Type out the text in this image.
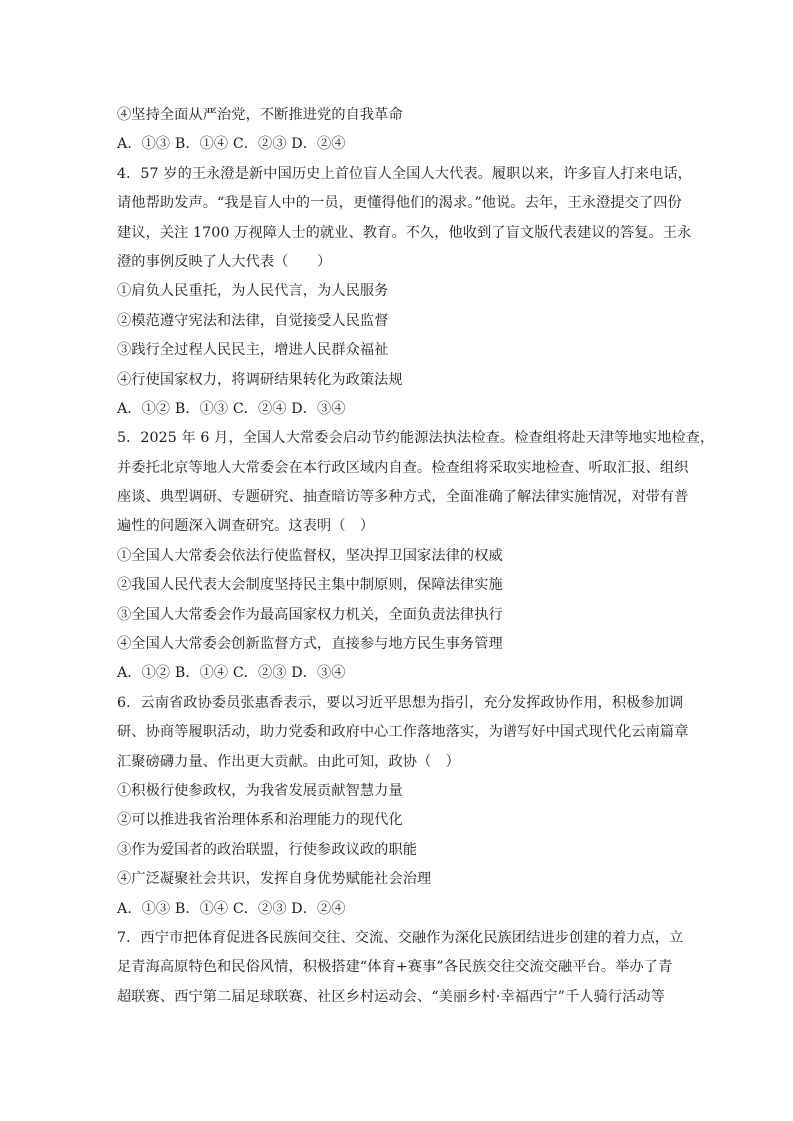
④坚持全面从严治党，不断推进党的自我革命
A．①③ B．①④ C．②③ D．②④
4．57 岁的王永澄是新中国历史上首位盲人全国人大代表。履职以来，许多盲人打来电话，
请他帮助发声。“我是盲人中的一员，更懂得他们的渴求。”他说。去年，王永澄提交了四份
建议，关注 1700 万视障人士的就业、教育。不久，他收到了盲文版代表建议的答复。王永
澄的事例反映了人大代表（　　）
①肩负人民重托，为人民代言，为人民服务
②模范遵守宪法和法律，自觉接受人民监督
③践行全过程人民民主，增进人民群众福祉
④行使国家权力，将调研结果转化为政策法规
A．①② B．①③ C．②④ D．③④
5．2025 年 6 月，全国人大常委会启动节约能源法执法检查。检查组将赴天津等地实地检查，
并委托北京等地人大常委会在本行政区域内自查。检查组将采取实地检查、听取汇报、组织
座谈、典型调研、专题研究、抽查暗访等多种方式，全面准确了解法律实施情况，对带有普
遍性的问题深入调查研究。这表明（　）
①全国人大常委会依法行使监督权，坚决捍卫国家法律的权威
②我国人民代表大会制度坚持民主集中制原则，保障法律实施
③全国人大常委会作为最高国家权力机关，全面负责法律执行
④全国人大常委会创新监督方式，直接参与地方民生事务管理
A．①② B．①④ C．②③ D．③④
6．云南省政协委员张惠香表示，要以习近平思想为指引，充分发挥政协作用，积极参加调
研、协商等履职活动，助力党委和政府中心工作落地落实，为谱写好中国式现代化云南篇章
汇聚磅礴力量、作出更大贡献。由此可知，政协（　）
①积极行使参政权，为我省发展贡献智慧力量
②可以推进我省治理体系和治理能力的现代化
③作为爱国者的政治联盟，行使参政议政的职能
④广泛凝聚社会共识，发挥自身优势赋能社会治理
A．①③ B．①④ C．②③ D．②④
7．西宁市把体育促进各民族间交往、交流、交融作为深化民族团结进步创建的着力点，立
足青海高原特色和民俗风情，积极搭建“体育+赛事”各民族交往交流交融平台。举办了青
超联赛、西宁第二届足球联赛、社区乡村运动会、“美丽乡村·幸福西宁”千人骑行活动等
